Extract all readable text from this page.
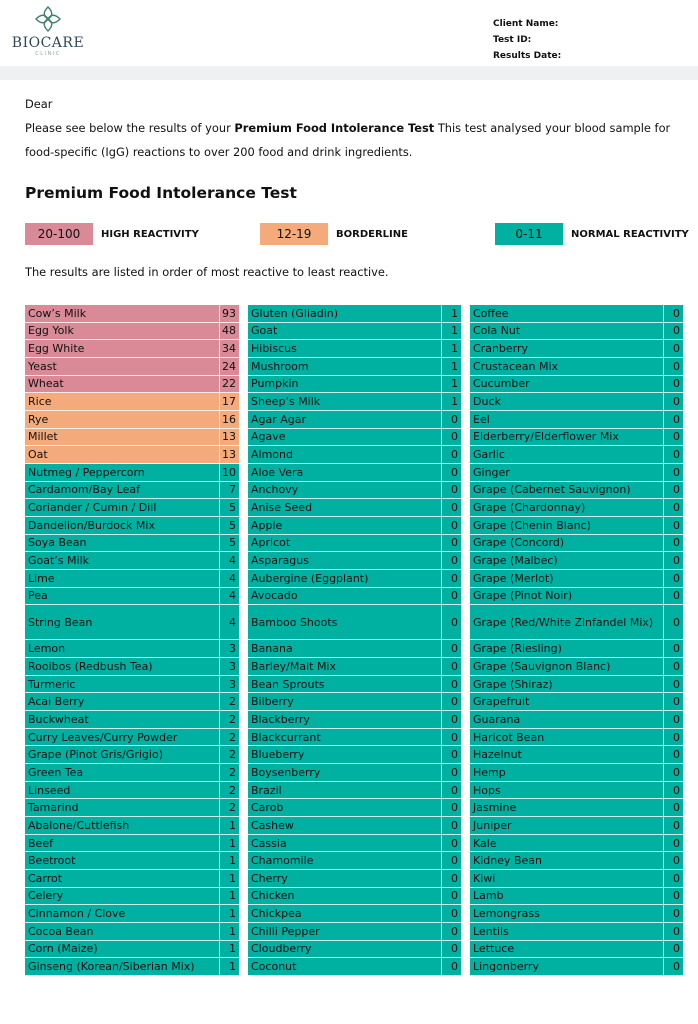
BIOCARE
CLINIC
Client Name:
Test ID:
Results Date:
Dear
Please see below the results of your Premium Food Intolerance Test This test analysed your blood sample for
food-specific (IgG) reactions to over 200 food and drink ingredients.
Premium Food Intolerance Test
20-100	HIGH REACTIVITY	12-19	BORDERLINE	0-11	NORMAL REACTIVITY
The results are listed in order of most reactive to least reactive.
Cow’s Milk	93
Egg Yolk	48
Egg White	34
Yeast	24
Wheat	22
Rice	17
Rye	16
Millet	13
Oat	13
Nutmeg / Peppercorn	10
Cardamom/Bay Leaf	7
Coriander / Cumin / Dill	5
Dandelion/Burdock Mix	5
Soya Bean	5
Goat’s Milk	4
Lime	4
Pea	4
String Bean	4
Lemon	3
Rooibos (Redbush Tea)	3
Turmeric	3
Acai Berry	2
Buckwheat	2
Curry Leaves/Curry Powder	2
Grape (Pinot Gris/Grigio)	2
Green Tea	2
Linseed	2
Tamarind	2
Abalone/Cuttlefish	1
Beef	1
Beetroot	1
Carrot	1
Celery	1
Cinnamon / Clove	1
Cocoa Bean	1
Corn (Maize)	1
Ginseng (Korean/Siberian Mix)	1
Gluten (Gliadin)	1
Goat	1
Hibiscus	1
Mushroom	1
Pumpkin	1
Sheep’s Milk	1
Agar Agar	0
Agave	0
Almond	0
Aloe Vera	0
Anchovy	0
Anise Seed	0
Apple	0
Apricot	0
Asparagus	0
Aubergine (Eggplant)	0
Avocado	0
Bamboo Shoots	0
Banana	0
Barley/Malt Mix	0
Bean Sprouts	0
Bilberry	0
Blackberry	0
Blackcurrant	0
Blueberry	0
Boysenberry	0
Brazil	0
Carob	0
Cashew	0
Cassia	0
Chamomile	0
Cherry	0
Chicken	0
Chickpea	0
Chilli Pepper	0
Cloudberry	0
Coconut	0
Coffee	0
Cola Nut	0
Cranberry	0
Crustacean Mix	0
Cucumber	0
Duck	0
Eel	0
Elderberry/Elderflower Mix	0
Garlic	0
Ginger	0
Grape (Cabernet Sauvignon)	0
Grape (Chardonnay)	0
Grape (Chenin Blanc)	0
Grape (Concord)	0
Grape (Malbec)	0
Grape (Merlot)	0
Grape (Pinot Noir)	0
Grape (Red/White Zinfandel Mix)	0
Grape (Riesling)	0
Grape (Sauvignon Blanc)	0
Grape (Shiraz)	0
Grapefruit	0
Guarana	0
Haricot Bean	0
Hazelnut	0
Hemp	0
Hops	0
Jasmine	0
Juniper	0
Kale	0
Kidney Bean	0
Kiwi	0
Lamb	0
Lemongrass	0
Lentils	0
Lettuce	0
Lingonberry	0
